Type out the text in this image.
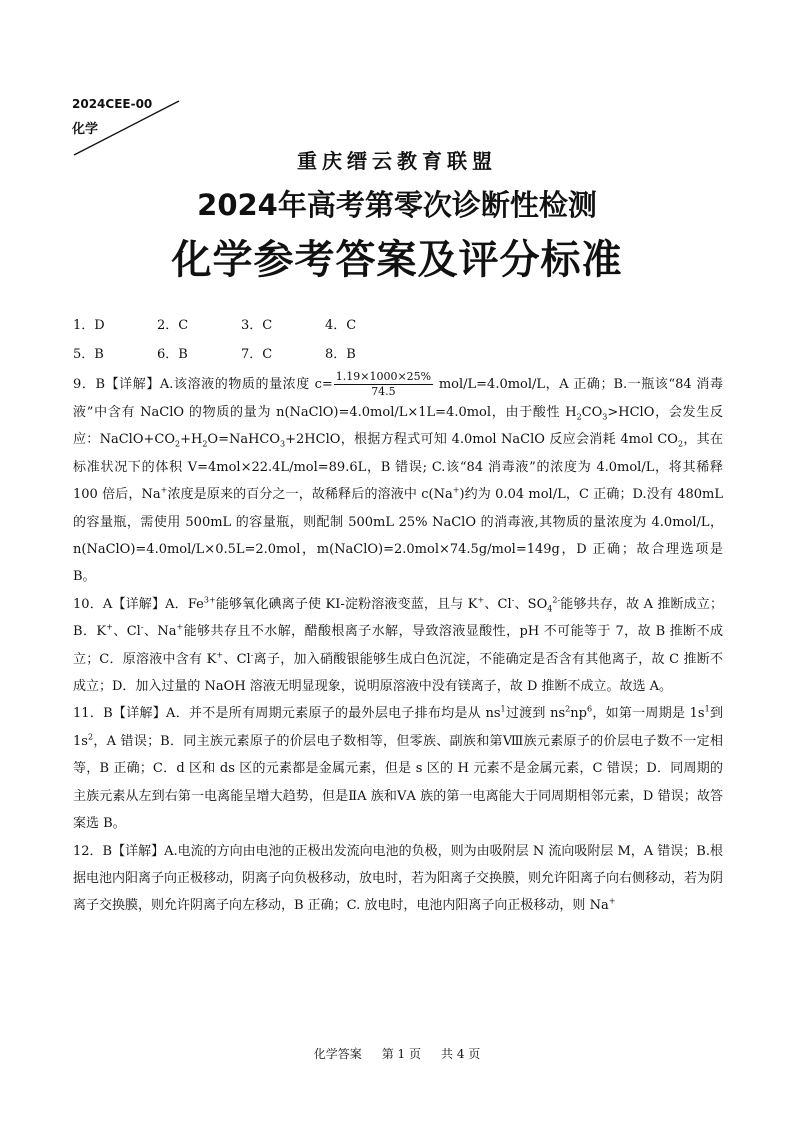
2024CEE-00
化学
重庆缙云教育联盟
2024年高考第零次诊断性检测
化学参考答案及评分标准
1．D	2．C	3．C	4．C
5．B	6．B	7．C	8．B

9．B【详解】A.该溶液的物质的量浓度 $c= \frac{1.19\times 1000\times 25\%}{74.5} mol/L=4.0mol/L$，A 正确；B.一瓶该“84 消毒液”中含有 NaClO 的物质的量为 n(NaClO)=4.0mol/L×1L=4.0mol，由于酸性 $H_2CO_3>HClO$，会发生反应：$NaClO+CO_2+H_2O=NaHCO_3+2HClO$，根据方程式可知 4.0mol NaClO 反应会消耗 4mol $CO_2$，其在标准状况下的体积 V=4mol×22.4L/mol=89.6L，B 错误; C.该“84 消毒液”的浓度为 4.0mol/L，将其稀释 100 倍后，Na+浓度是原来的百分之一，故稀释后的溶液中 c(Na+)约为 0.04 mol/L，C 正确；D.没有 480mL 的容量瓶，需使用 500mL 的容量瓶，则配制 500mL 25% NaClO 的消毒液,其物质的量浓度为 4.0mol/L，n(NaClO)=4.0mol/L×0.5L=2.0mol，m(NaClO)=2.0mol×74.5g/mol=149g，D 正确；故合理选项是 B。

10．A【详解】A．$Fe^{3+}$能够氧化碘离子使 KI-淀粉溶液变蓝，且与 K+、Cl-、$SO_4^{2-}$能够共存，故 A 推断成立；B．K+、Cl-、Na+能够共存且不水解，醋酸根离子水解，导致溶液显酸性，pH 不可能等于 7，故 B 推断不成立；C．原溶液中含有 K+、Cl-离子，加入硝酸银能够生成白色沉淀，不能确定是否含有其他离子，故 C 推断不成立；D．加入过量的 NaOH 溶液无明显现象，说明原溶液中没有镁离子，故 D 推断不成立。故选 A。

11．B【详解】A．并不是所有周期元素原子的最外层电子排布均是从 $ns^1$过渡到 $ns^2np^6$，如第一周期是 $1s^1$到 $1s^2$，A 错误；B．同主族元素原子的价层电子数相等，但零族、副族和第Ⅷ族元素原子的价层电子数不一定相等，B 正确；C．d 区和 ds 区的元素都是金属元素，但是 s 区的 H 元素不是金属元素，C 错误；D．同周期的主族元素从左到右第一电离能呈增大趋势，但是ⅡA 族和ⅤA 族的第一电离能大于同周期相邻元素，D 错误；故答案选 B。

12．B【详解】A.电流的方向由电池的正极出发流向电池的负极，则为由吸附层 N 流向吸附层 M，A 错误；B.根据电池内阳离子向正极移动，阴离子向负极移动，放电时，若为阳离子交换膜，则允许阳离子向右侧移动，若为阴离子交换膜，则允许阴离子向左移动，B 正确；C. 放电时，电池内阳离子向正极移动，则 Na+

化学答案 第 1 页 共 4 页
